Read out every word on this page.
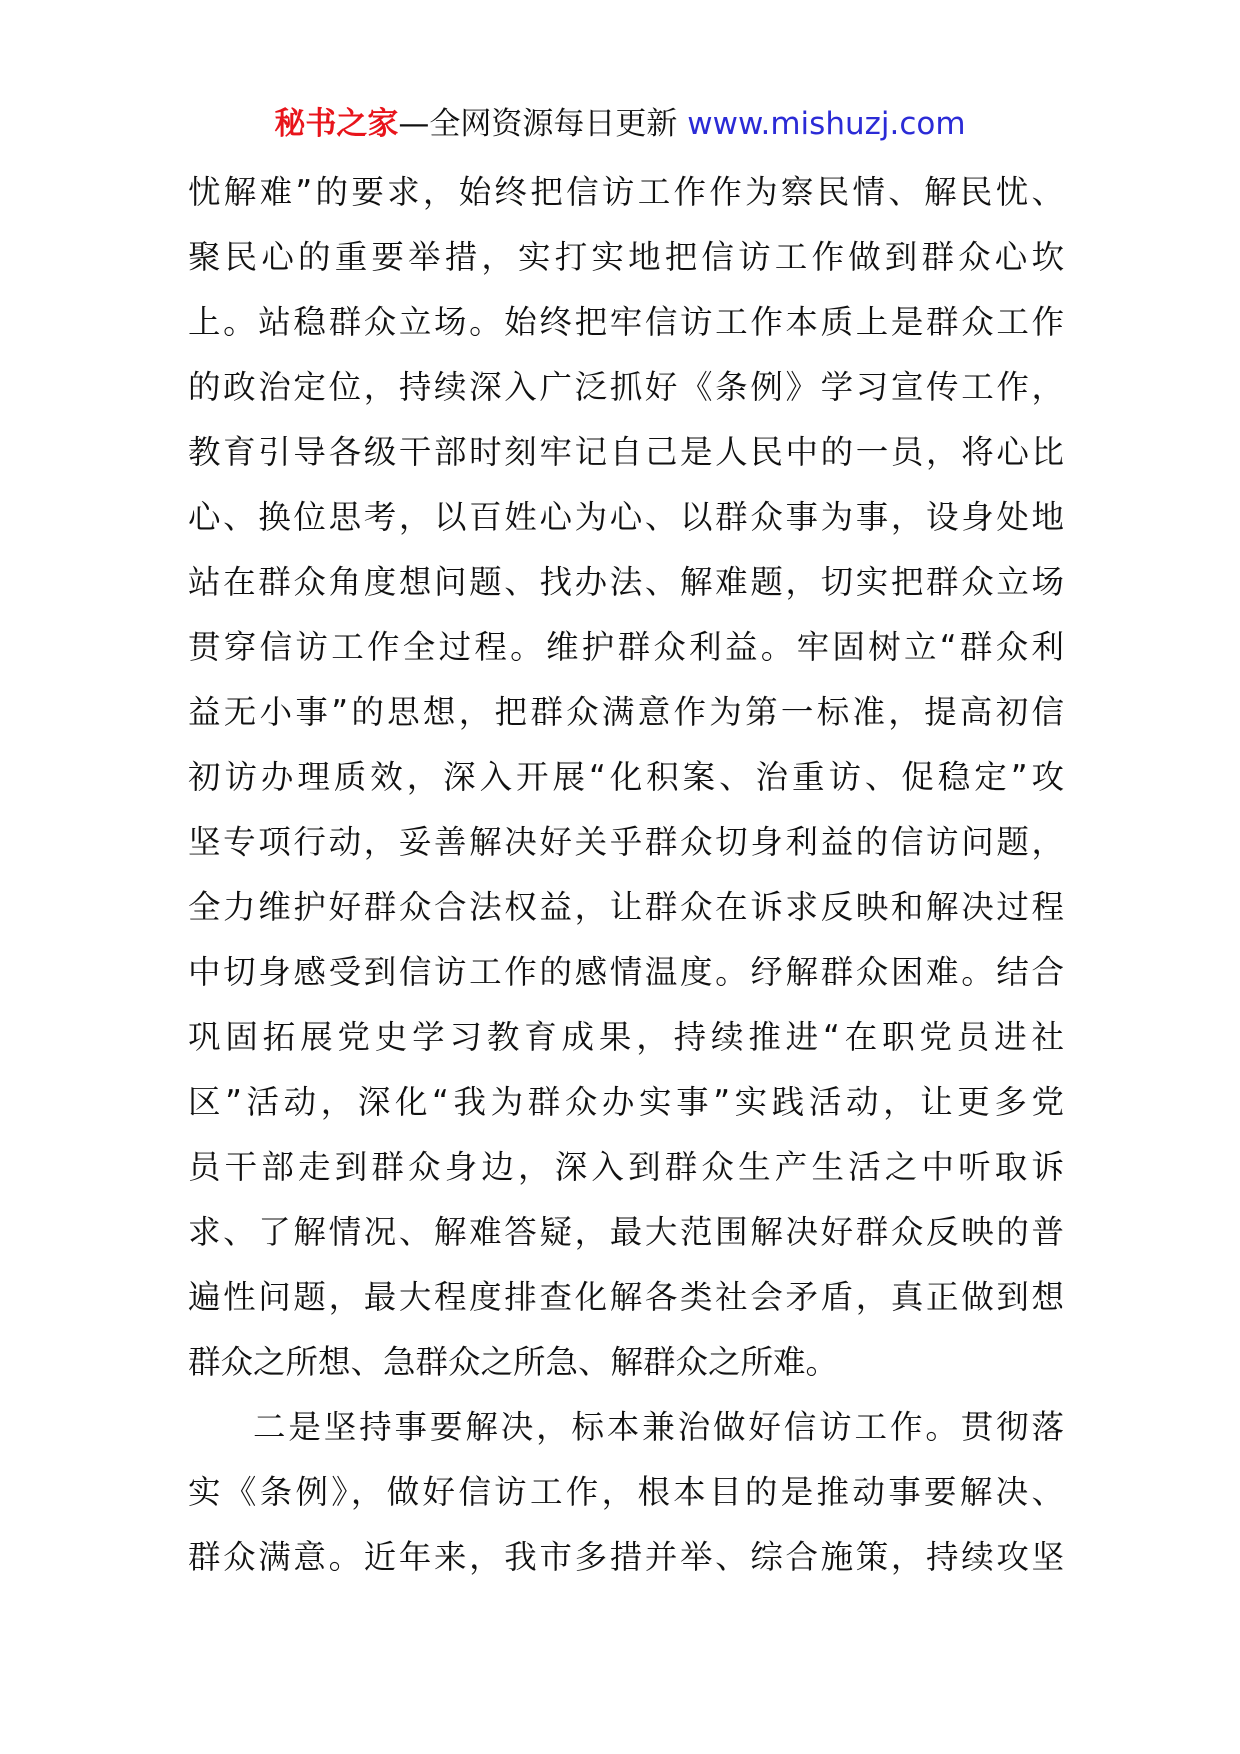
秘书之家—全网资源每日更新 www.mishuzj.com
忧解难”的要求，始终把信访工作作为察民情、解民忧、
聚民心的重要举措，实打实地把信访工作做到群众心坎
上。站稳群众立场。始终把牢信访工作本质上是群众工作
的政治定位，持续深入广泛抓好《条例》学习宣传工作，
教育引导各级干部时刻牢记自己是人民中的一员，将心比
心、换位思考，以百姓心为心、以群众事为事，设身处地
站在群众角度想问题、找办法、解难题，切实把群众立场
贯穿信访工作全过程。维护群众利益。牢固树立“群众利
益无小事”的思想，把群众满意作为第一标准，提高初信
初访办理质效，深入开展“化积案、治重访、促稳定”攻
坚专项行动，妥善解决好关乎群众切身利益的信访问题，
全力维护好群众合法权益，让群众在诉求反映和解决过程
中切身感受到信访工作的感情温度。纾解群众困难。结合
巩固拓展党史学习教育成果，持续推进“在职党员进社
区”活动，深化“我为群众办实事”实践活动，让更多党
员干部走到群众身边，深入到群众生产生活之中听取诉
求、了解情况、解难答疑，最大范围解决好群众反映的普
遍性问题，最大程度排查化解各类社会矛盾，真正做到想
群众之所想、急群众之所急、解群众之所难。
二是坚持事要解决，标本兼治做好信访工作。贯彻落
实《条例》，做好信访工作，根本目的是推动事要解决、
群众满意。近年来，我市多措并举、综合施策，持续攻坚
